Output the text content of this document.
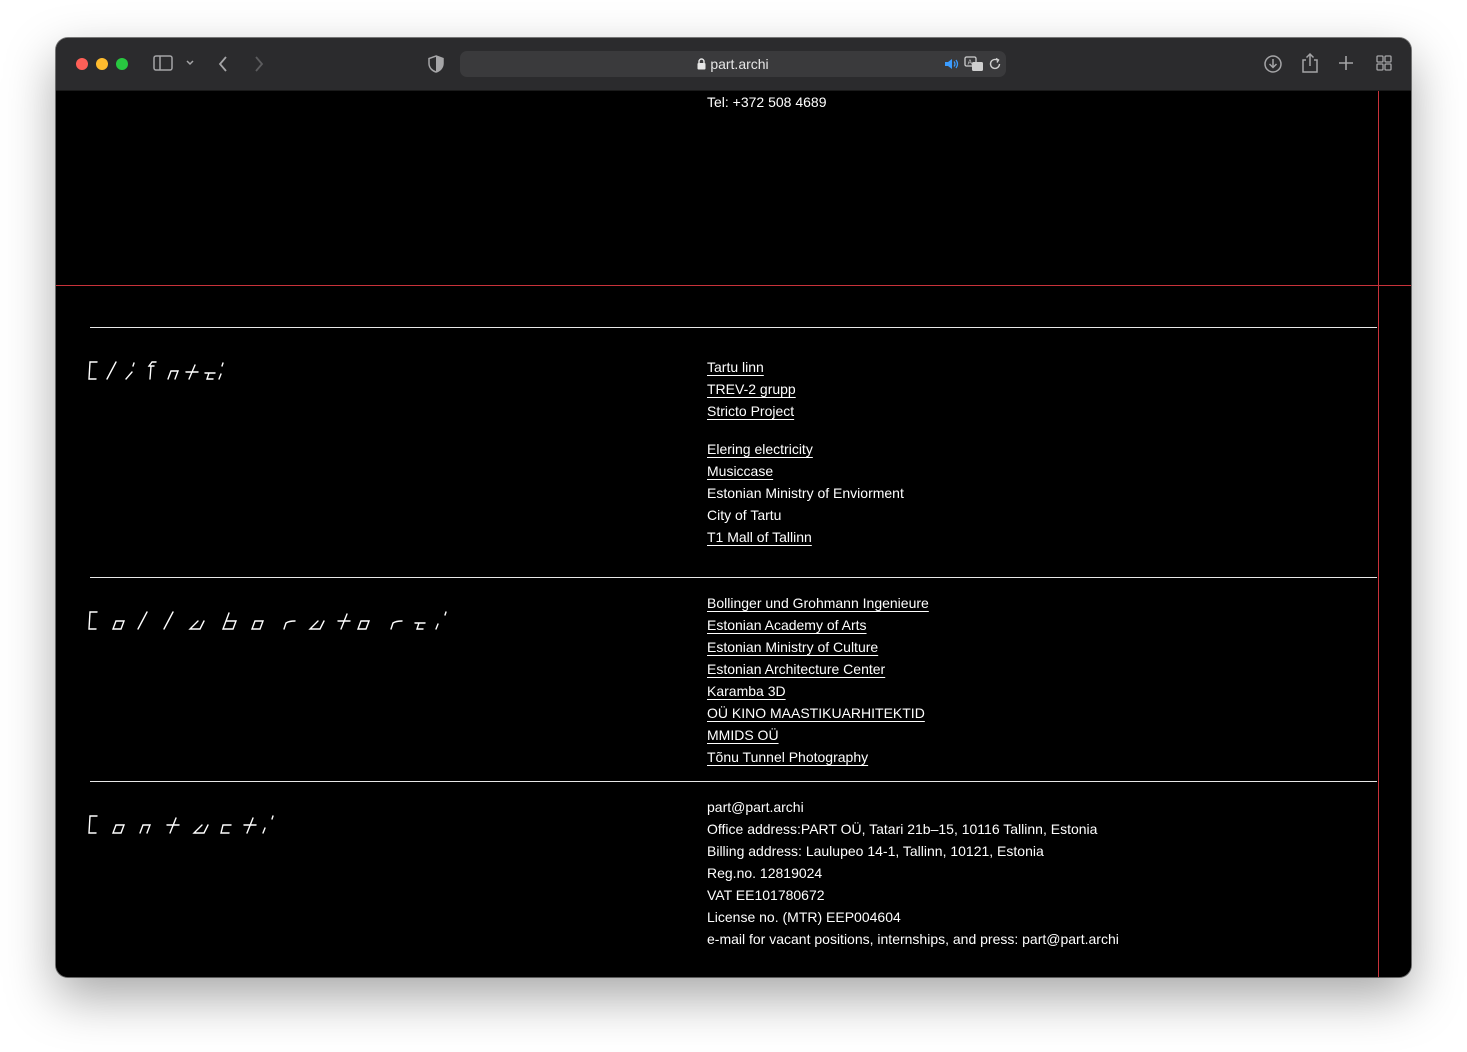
part.archi	A
Tel: +372 508 4689
Tartu linn
TREV-2 grupp
Stricto Project
Elering electricity
Musiccase
Estonian Ministry of Enviorment
City of Tartu
T1 Mall of Tallinn
Bollinger und Grohmann Ingenieure
Estonian Academy of Arts
Estonian Ministry of Culture
Estonian Architecture Center
Karamba 3D
OÜ KINO MAASTIKUARHITEKTID
MMIDS OÜ
Tõnu Tunnel Photography
part@part.archi
Office address:PART OÜ, Tatari 21b–15, 10116 Tallinn, Estonia
Billing address: Laulupeo 14-1, Tallinn, 10121, Estonia
Reg.no. 12819024
VAT EE101780672
License no. (MTR) EEP004604
e-mail for vacant positions, internships, and press: part@part.archi
